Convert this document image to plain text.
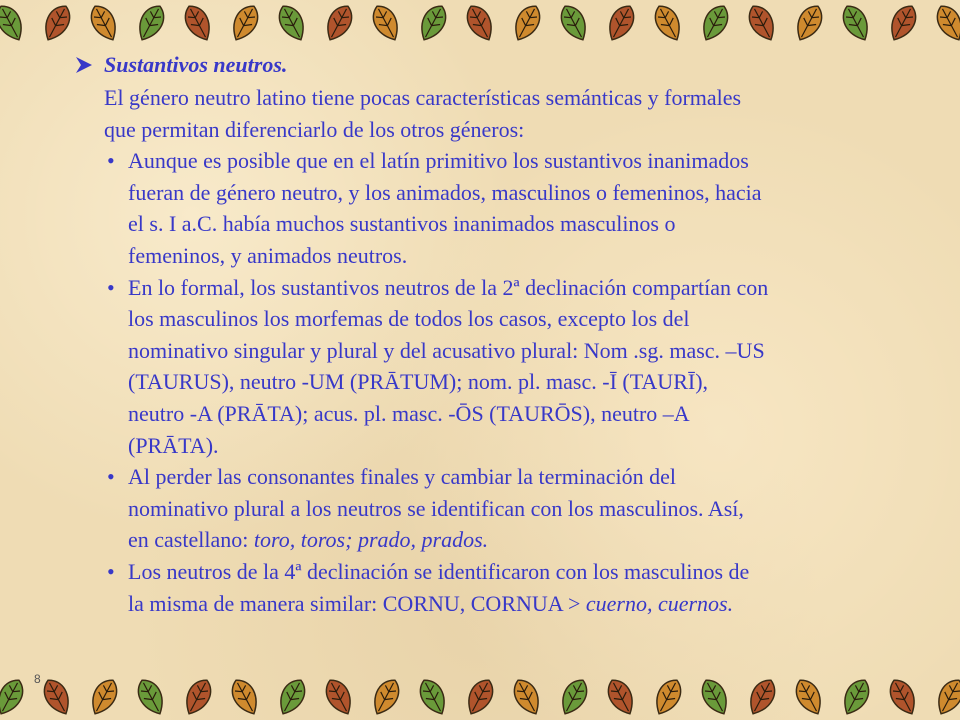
Sustantivos neutros.
El género neutro latino tiene pocas características semánticas y formales
que permitan diferenciarlo de los otros géneros:
• Aunque es posible que en el latín primitivo los sustantivos inanimados
fueran de género neutro, y los animados, masculinos o femeninos, hacia
el s. I a.C. había muchos sustantivos inanimados masculinos o
femeninos, y animados neutros.
• En lo formal, los sustantivos neutros de la 2ª declinación compartían con
los masculinos los morfemas de todos los casos, excepto los del
nominativo singular y plural y del acusativo plural: Nom .sg. masc. –US
(TAURUS), neutro -UM (PRĀTUM); nom. pl. masc. -Ī (TAURĪ),
neutro -A (PRĀTA); acus. pl. masc. -ŌS (TAURŌS), neutro –A
(PRĀTA).
• Al perder las consonantes finales y cambiar la terminación del
nominativo plural a los neutros se identifican con los masculinos. Así,
en castellano: toro, toros; prado, prados.
• Los neutros de la 4ª declinación se identificaron con los masculinos de
la misma de manera similar: CORNU, CORNUA > cuerno, cuernos.
8
